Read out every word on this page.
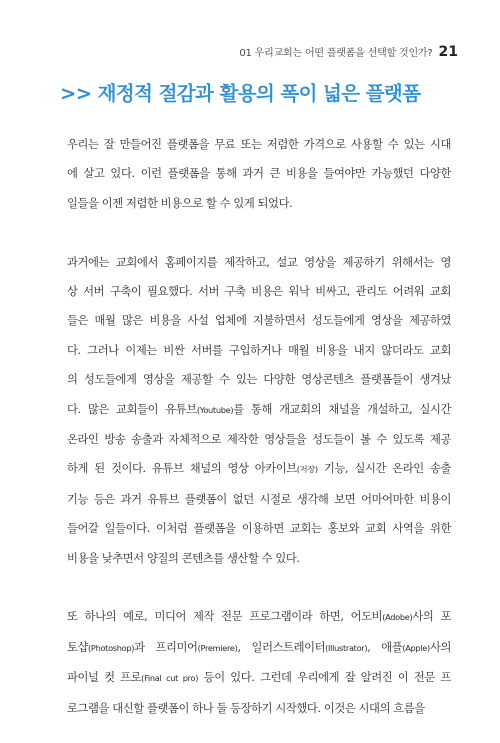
01 우리교회는 어떤 플랫폼을 선택할 것인가? 21
>> 재정적 절감과 활용의 폭이 넓은 플랫폼

우리는 잘 만들어진 플랫폼을 무료 또는 저렴한 가격으로 사용할 수 있는 시대
에 살고 있다. 이런 플랫폼을 통해 과거 큰 비용을 들여야만 가능했던 다양한
일들을 이젠 저렴한 비용으로 할 수 있게 되었다.

과거에는 교회에서 홈페이지를 제작하고, 설교 영상을 제공하기 위해서는 영
상 서버 구축이 필요했다. 서버 구축 비용은 워낙 비싸고, 관리도 어려워 교회
들은 매월 많은 비용을 사설 업체에 지불하면서 성도들에게 영상을 제공하였
다. 그러나 이제는 비싼 서버를 구입하거나 매월 비용을 내지 않더라도 교회
의 성도들에게 영상을 제공할 수 있는 다양한 영상콘텐츠 플랫폼들이 생겨났
다. 많은 교회들이 유튜브(Youtube)를 통해 개교회의 채널을 개설하고, 실시간
온라인 방송 송출과 자체적으로 제작한 영상들을 성도들이 볼 수 있도록 제공
하게 된 것이다. 유튜브 채널의 영상 아카이브(저장) 기능, 실시간 온라인 송출
기능 등은 과거 유튜브 플랫폼이 없던 시절로 생각해 보면 어마어마한 비용이
들어갈 일들이다. 이처럼 플랫폼을 이용하면 교회는 홍보와 교회 사역을 위한
비용을 낮추면서 양질의 콘텐츠를 생산할 수 있다.

또 하나의 예로, 미디어 제작 전문 프로그램이라 하면, 어도비(Adobe)사의 포
토샵(Photoshop)과 프리미어(Premiere), 일러스트레이터(Illustrator), 애플(Apple)사의
파이널 컷 프로(Final cut pro) 등이 있다. 그런데 우리에게 잘 알려진 이 전문 프
로그램을 대신할 플랫폼이 하나 둘 등장하기 시작했다. 이것은 시대의 흐름을
